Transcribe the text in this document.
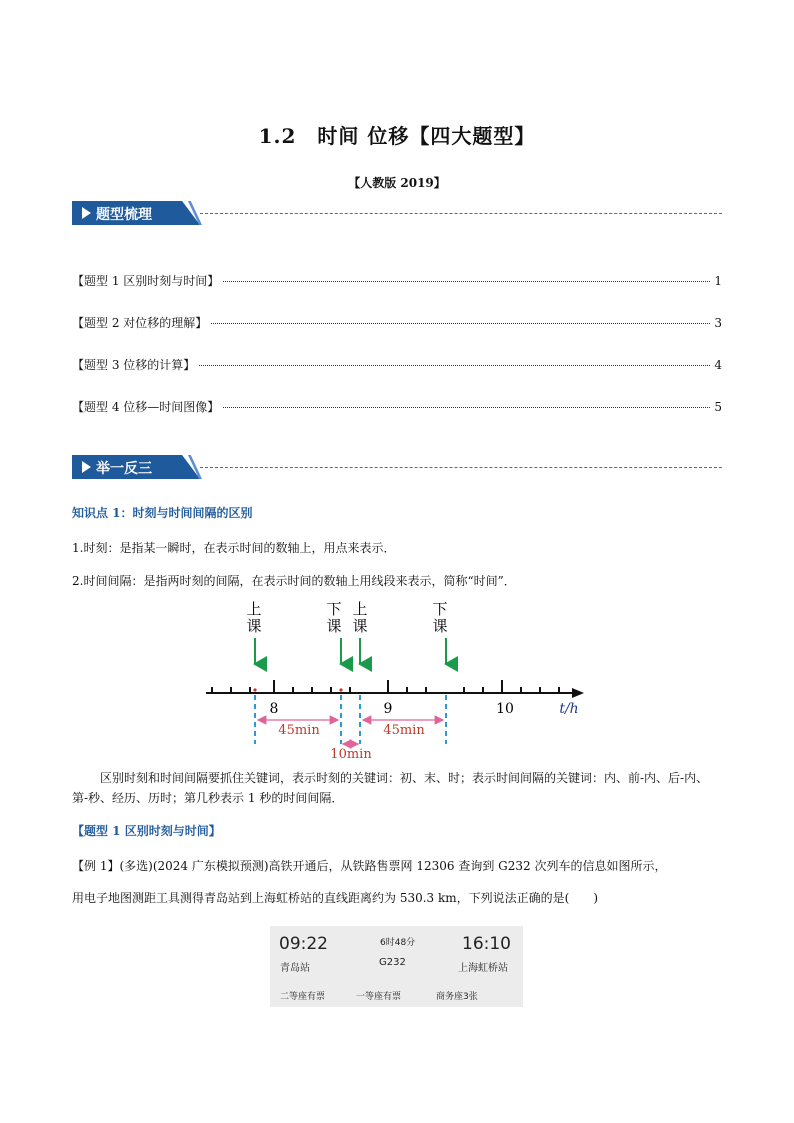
1.2　时间 位移【四大题型】
【人教版 2019】
题型梳理
【题型 1 区别时刻与时间】	1
【题型 2 对位移的理解】	3
【题型 3 位移的计算】	4
【题型 4 位移—时间图像】	5
举一反三
知识点 1：时刻与时间间隔的区别
1.时刻：是指某一瞬时，在表示时间的数轴上，用点来表示．
2.时间间隔：是指两时刻的间隔，在表示时间的数轴上用线段来表示，简称“时间”．
上
课
下
课
上
课
下
课
8	9	10	t/h
45min	45min
10min
区别时刻和时间间隔要抓住关键词，表示时刻的关键词：初、末、时；表示时间间隔的关键词：内、前-内、后-内、第-秒、经历、历时；第几秒表示 1 秒的时间间隔．
【题型 1 区别时刻与时间】
【例 1】(多选)(2024 广东模拟预测)高铁开通后，从铁路售票网 12306 查询到 G232 次列车的信息如图所示，
用电子地图测距工具测得青岛站到上海虹桥站的直线距离约为 530.3 km，下列说法正确的是(　　)
09:22	6时48分	16:10
青岛站
G232
上海虹桥站
二等座有票	一等座有票	商务座3张
